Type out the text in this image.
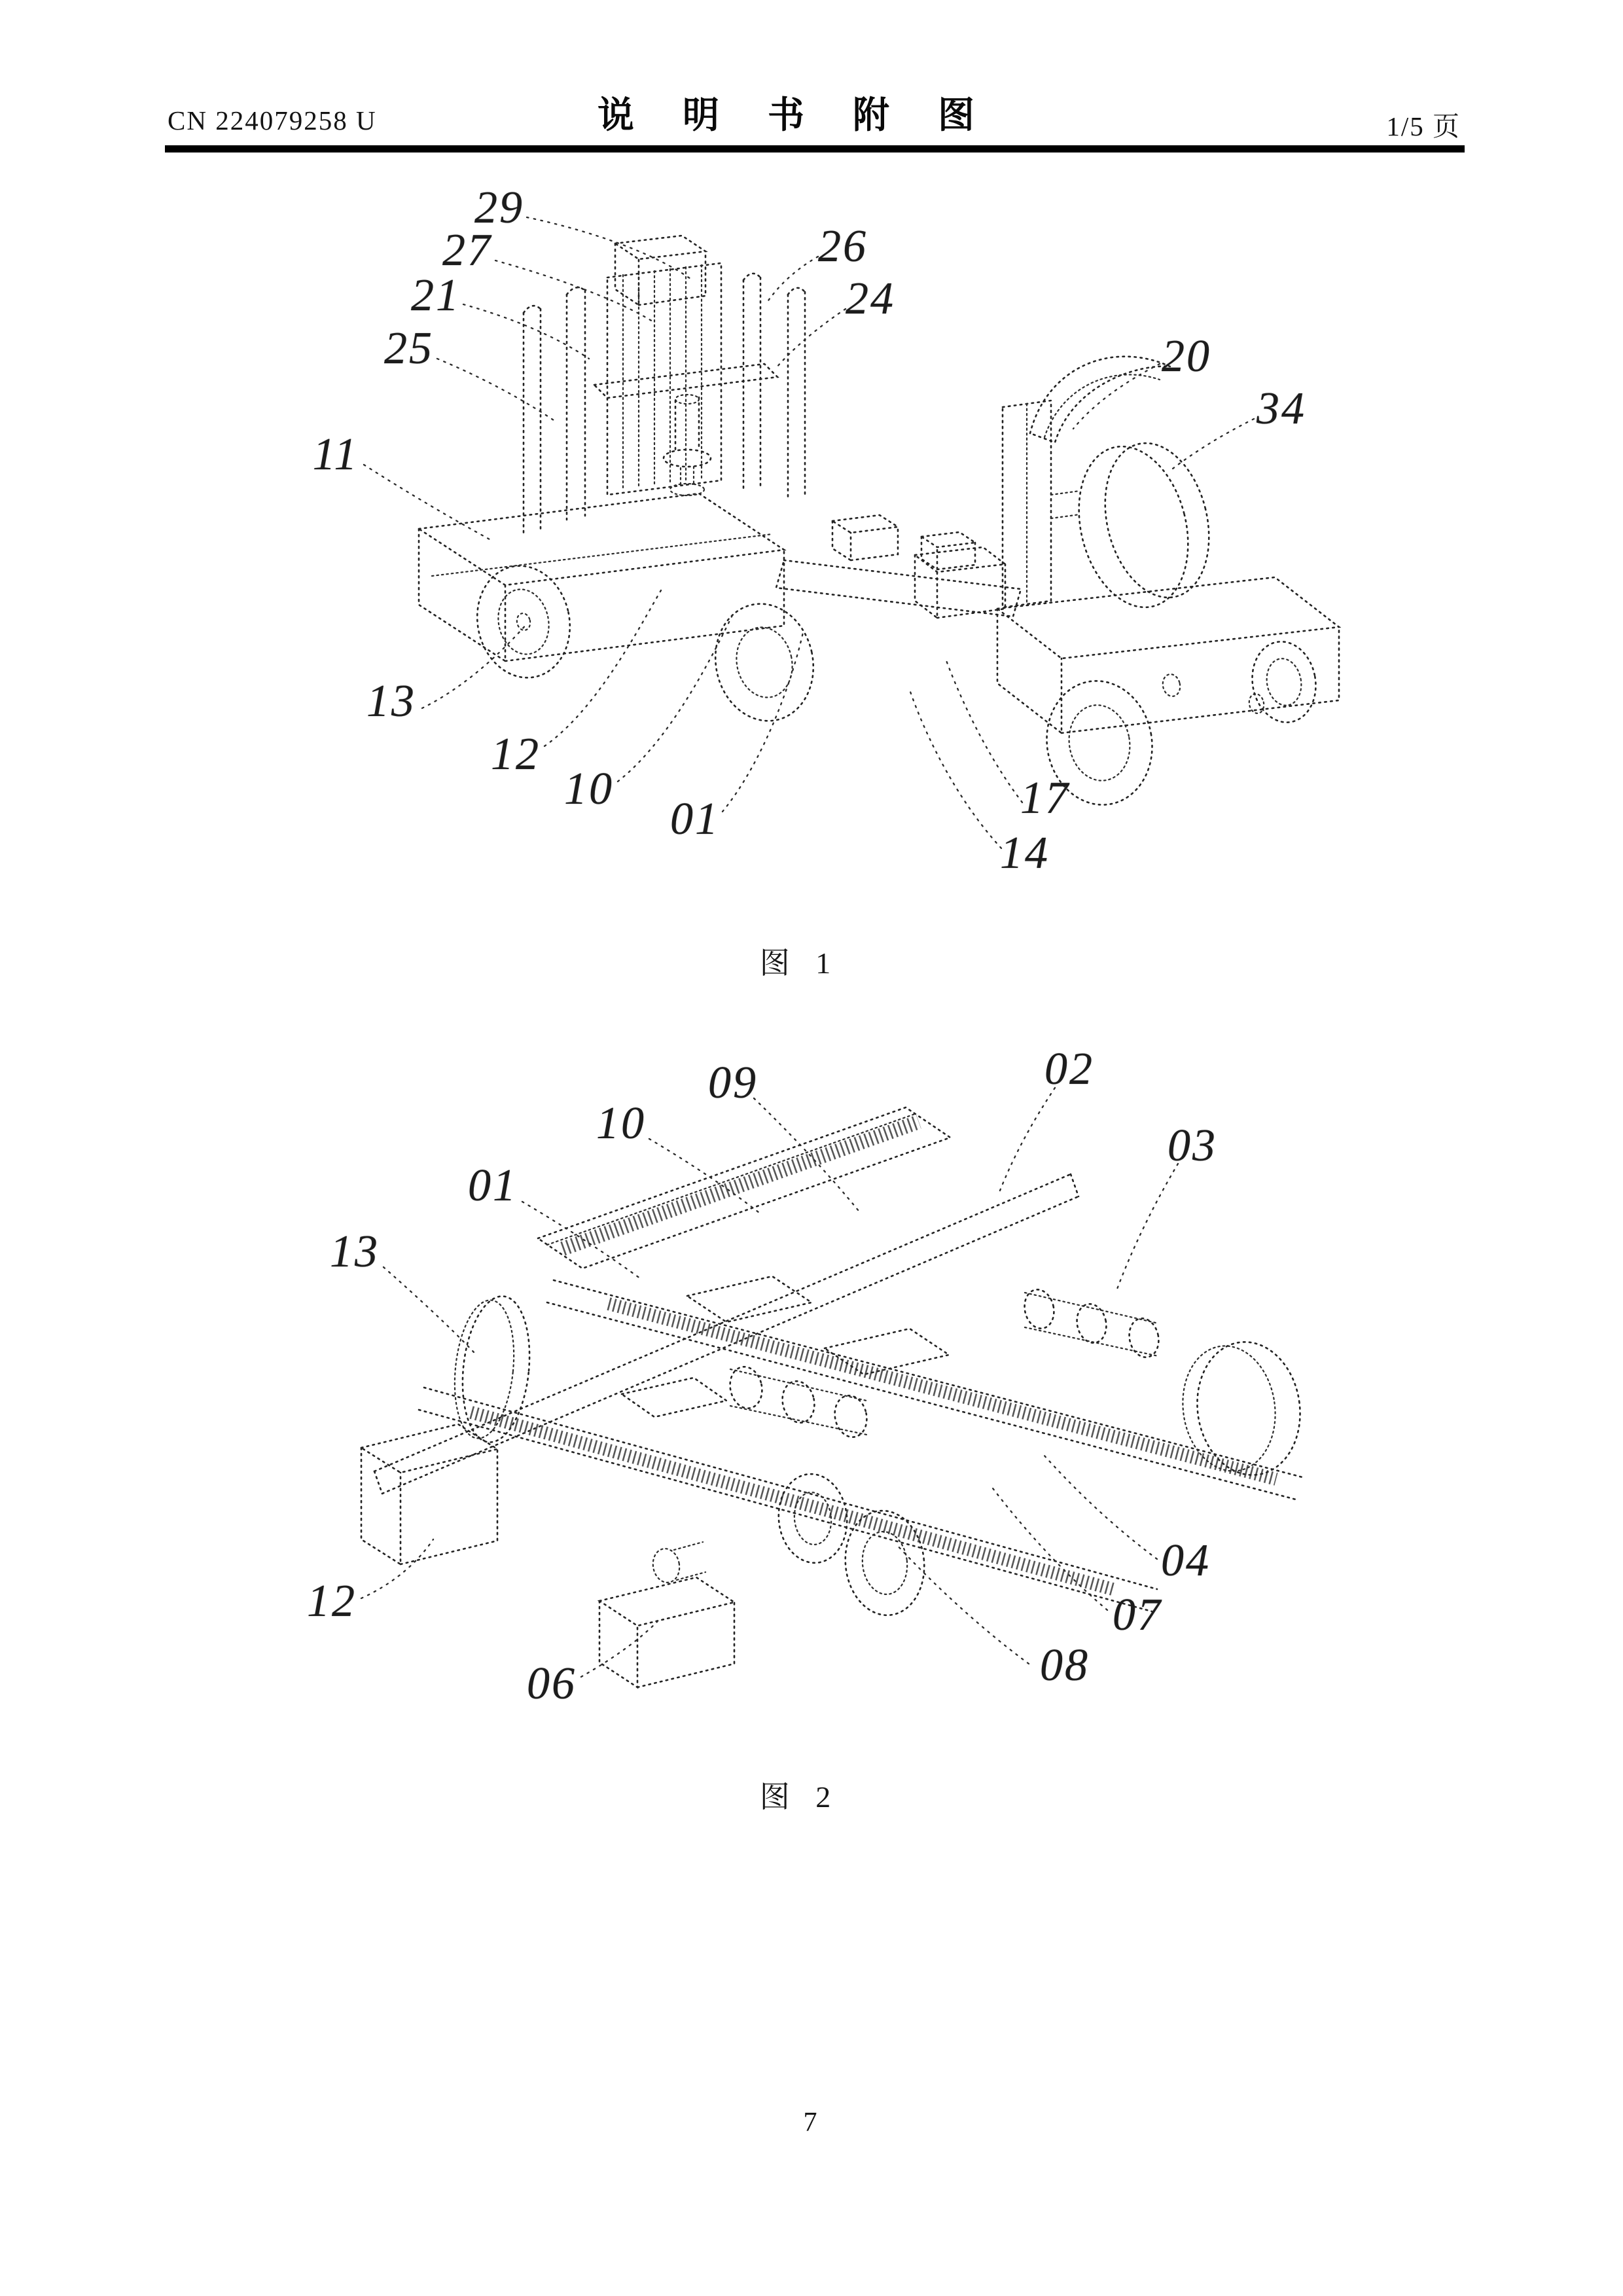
CN 224079258 U	说 明 书 附 图	1/5 页
29
27
21
25
11
26
24
20
34
13
12
10
01	17
14
图 1
09	02
10	03
01
13
12
06	08
07
04
图 2
7
